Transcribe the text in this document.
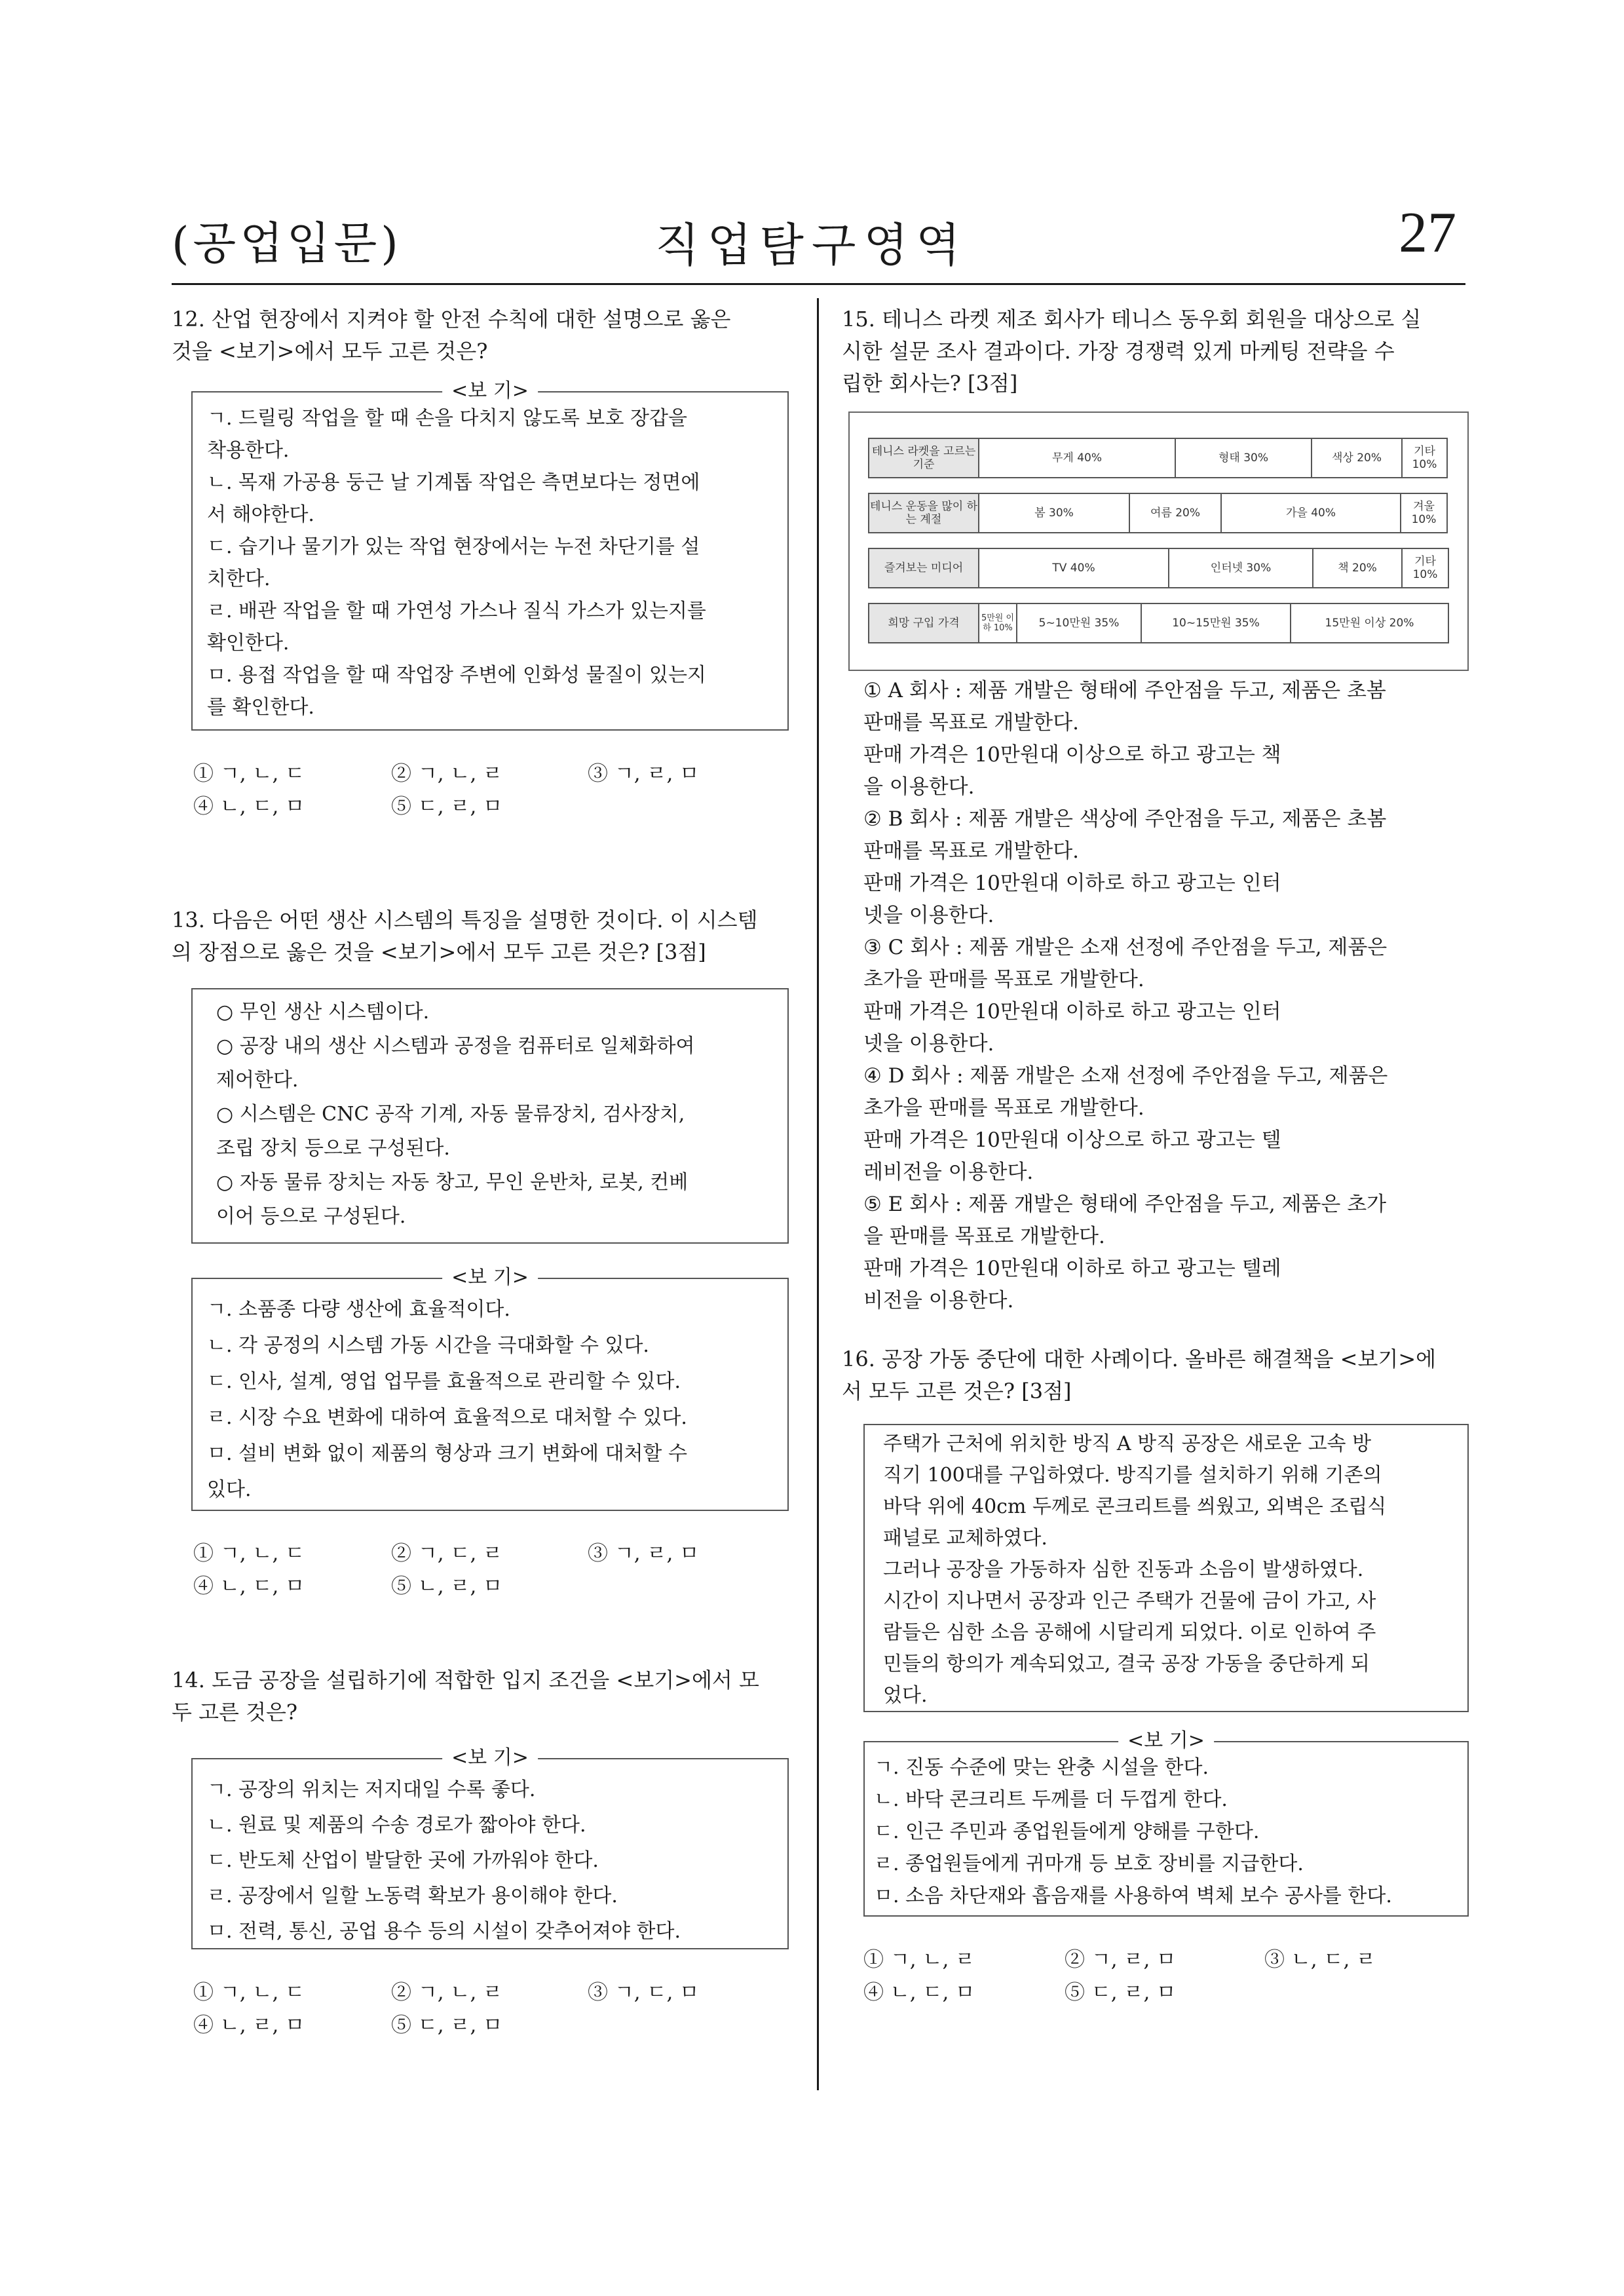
(공업입문)	직업탐구영역	27
12. 산업 현장에서 지켜야 할 안전 수칙에 대한 설명으로 옳은
것을 <보기>에서 모두 고른 것은?
<보 기>
ㄱ. 드릴링 작업을 할 때 손을 다치지 않도록 보호 장갑을
착용한다.
ㄴ. 목재 가공용 둥근 날 기계톱 작업은 측면보다는 정면에
서 해야한다.
ㄷ. 습기나 물기가 있는 작업 현장에서는 누전 차단기를 설
치한다.
ㄹ. 배관 작업을 할 때 가연성 가스나 질식 가스가 있는지를
확인한다.
ㅁ. 용접 작업을 할 때 작업장 주변에 인화성 물질이 있는지
를 확인한다.
① ㄱ, ㄴ, ㄷ	② ㄱ, ㄴ, ㄹ	③ ㄱ, ㄹ, ㅁ
④ ㄴ, ㄷ, ㅁ	⑤ ㄷ, ㄹ, ㅁ
13. 다음은 어떤 생산 시스템의 특징을 설명한 것이다. 이 시스템
의 장점으로 옳은 것을 <보기>에서 모두 고른 것은? [3점]
○ 무인 생산 시스템이다.
○ 공장 내의 생산 시스템과 공정을 컴퓨터로 일체화하여
제어한다.
○ 시스템은 CNC 공작 기계, 자동 물류장치, 검사장치,
조립 장치 등으로 구성된다.
○ 자동 물류 장치는 자동 창고, 무인 운반차, 로봇, 컨베
이어 등으로 구성된다.
<보 기>
ㄱ. 소품종 다량 생산에 효율적이다.
ㄴ. 각 공정의 시스템 가동 시간을 극대화할 수 있다.
ㄷ. 인사, 설계, 영업 업무를 효율적으로 관리할 수 있다.
ㄹ. 시장 수요 변화에 대하여 효율적으로 대처할 수 있다.
ㅁ. 설비 변화 없이 제품의 형상과 크기 변화에 대처할 수
있다.
① ㄱ, ㄴ, ㄷ	② ㄱ, ㄷ, ㄹ	③ ㄱ, ㄹ, ㅁ
④ ㄴ, ㄷ, ㅁ	⑤ ㄴ, ㄹ, ㅁ
14. 도금 공장을 설립하기에 적합한 입지 조건을 <보기>에서 모
두 고른 것은?
<보 기>
ㄱ. 공장의 위치는 저지대일 수록 좋다.
ㄴ. 원료 및 제품의 수송 경로가 짧아야 한다.
ㄷ. 반도체 산업이 발달한 곳에 가까워야 한다.
ㄹ. 공장에서 일할 노동력 확보가 용이해야 한다.
ㅁ. 전력, 통신, 공업 용수 등의 시설이 갖추어져야 한다.
① ㄱ, ㄴ, ㄷ	② ㄱ, ㄴ, ㄹ	③ ㄱ, ㄷ, ㅁ
④ ㄴ, ㄹ, ㅁ	⑤ ㄷ, ㄹ, ㅁ
15. 테니스 라켓 제조 회사가 테니스 동우회 회원을 대상으로 실
시한 설문 조사 결과이다. 가장 경쟁력 있게 마케팅 전략을 수
립한 회사는? [3점]
테니스 라켓을 고르는 기준	무게 40%	형태 30%	색상 20%	기타 10%
테니스 운동을 많이 하는 계절	봄 30%	여름 20%	가을 40%	겨울 10%
즐겨보는 미디어	TV 40%	인터넷 30%	책 20%	기타 10%
희망 구입 가격	5만원 이하 10%	5~10만원 35%	10~15만원 35%	15만원 이상 20%
① A 회사 : 제품 개발은 형태에 주안점을 두고, 제품은 초봄
판매를 목표로 개발한다.
판매 가격은 10만원대 이상으로 하고 광고는 책
을 이용한다.
② B 회사 : 제품 개발은 색상에 주안점을 두고, 제품은 초봄
판매를 목표로 개발한다.
판매 가격은 10만원대 이하로 하고 광고는 인터
넷을 이용한다.
③ C 회사 : 제품 개발은 소재 선정에 주안점을 두고, 제품은
초가을 판매를 목표로 개발한다.
판매 가격은 10만원대 이하로 하고 광고는 인터
넷을 이용한다.
④ D 회사 : 제품 개발은 소재 선정에 주안점을 두고, 제품은
초가을 판매를 목표로 개발한다.
판매 가격은 10만원대 이상으로 하고 광고는 텔
레비전을 이용한다.
⑤ E 회사 : 제품 개발은 형태에 주안점을 두고, 제품은 초가
을 판매를 목표로 개발한다.
판매 가격은 10만원대 이하로 하고 광고는 텔레
비전을 이용한다.
16. 공장 가동 중단에 대한 사례이다. 올바른 해결책을 <보기>에
서 모두 고른 것은? [3점]
주택가 근처에 위치한 방직 A 방직 공장은 새로운 고속 방
직기 100대를 구입하였다. 방직기를 설치하기 위해 기존의
바닥 위에 40cm 두께로 콘크리트를 씌웠고, 외벽은 조립식
패널로 교체하였다.
그러나 공장을 가동하자 심한 진동과 소음이 발생하였다.
시간이 지나면서 공장과 인근 주택가 건물에 금이 가고, 사
람들은 심한 소음 공해에 시달리게 되었다. 이로 인하여 주
민들의 항의가 계속되었고, 결국 공장 가동을 중단하게 되
었다.
<보 기>
ㄱ. 진동 수준에 맞는 완충 시설을 한다.
ㄴ. 바닥 콘크리트 두께를 더 두껍게 한다.
ㄷ. 인근 주민과 종업원들에게 양해를 구한다.
ㄹ. 종업원들에게 귀마개 등 보호 장비를 지급한다.
ㅁ. 소음 차단재와 흡음재를 사용하여 벽체 보수 공사를 한다.
① ㄱ, ㄴ, ㄹ	② ㄱ, ㄹ, ㅁ	③ ㄴ, ㄷ, ㄹ
④ ㄴ, ㄷ, ㅁ	⑤ ㄷ, ㄹ, ㅁ
